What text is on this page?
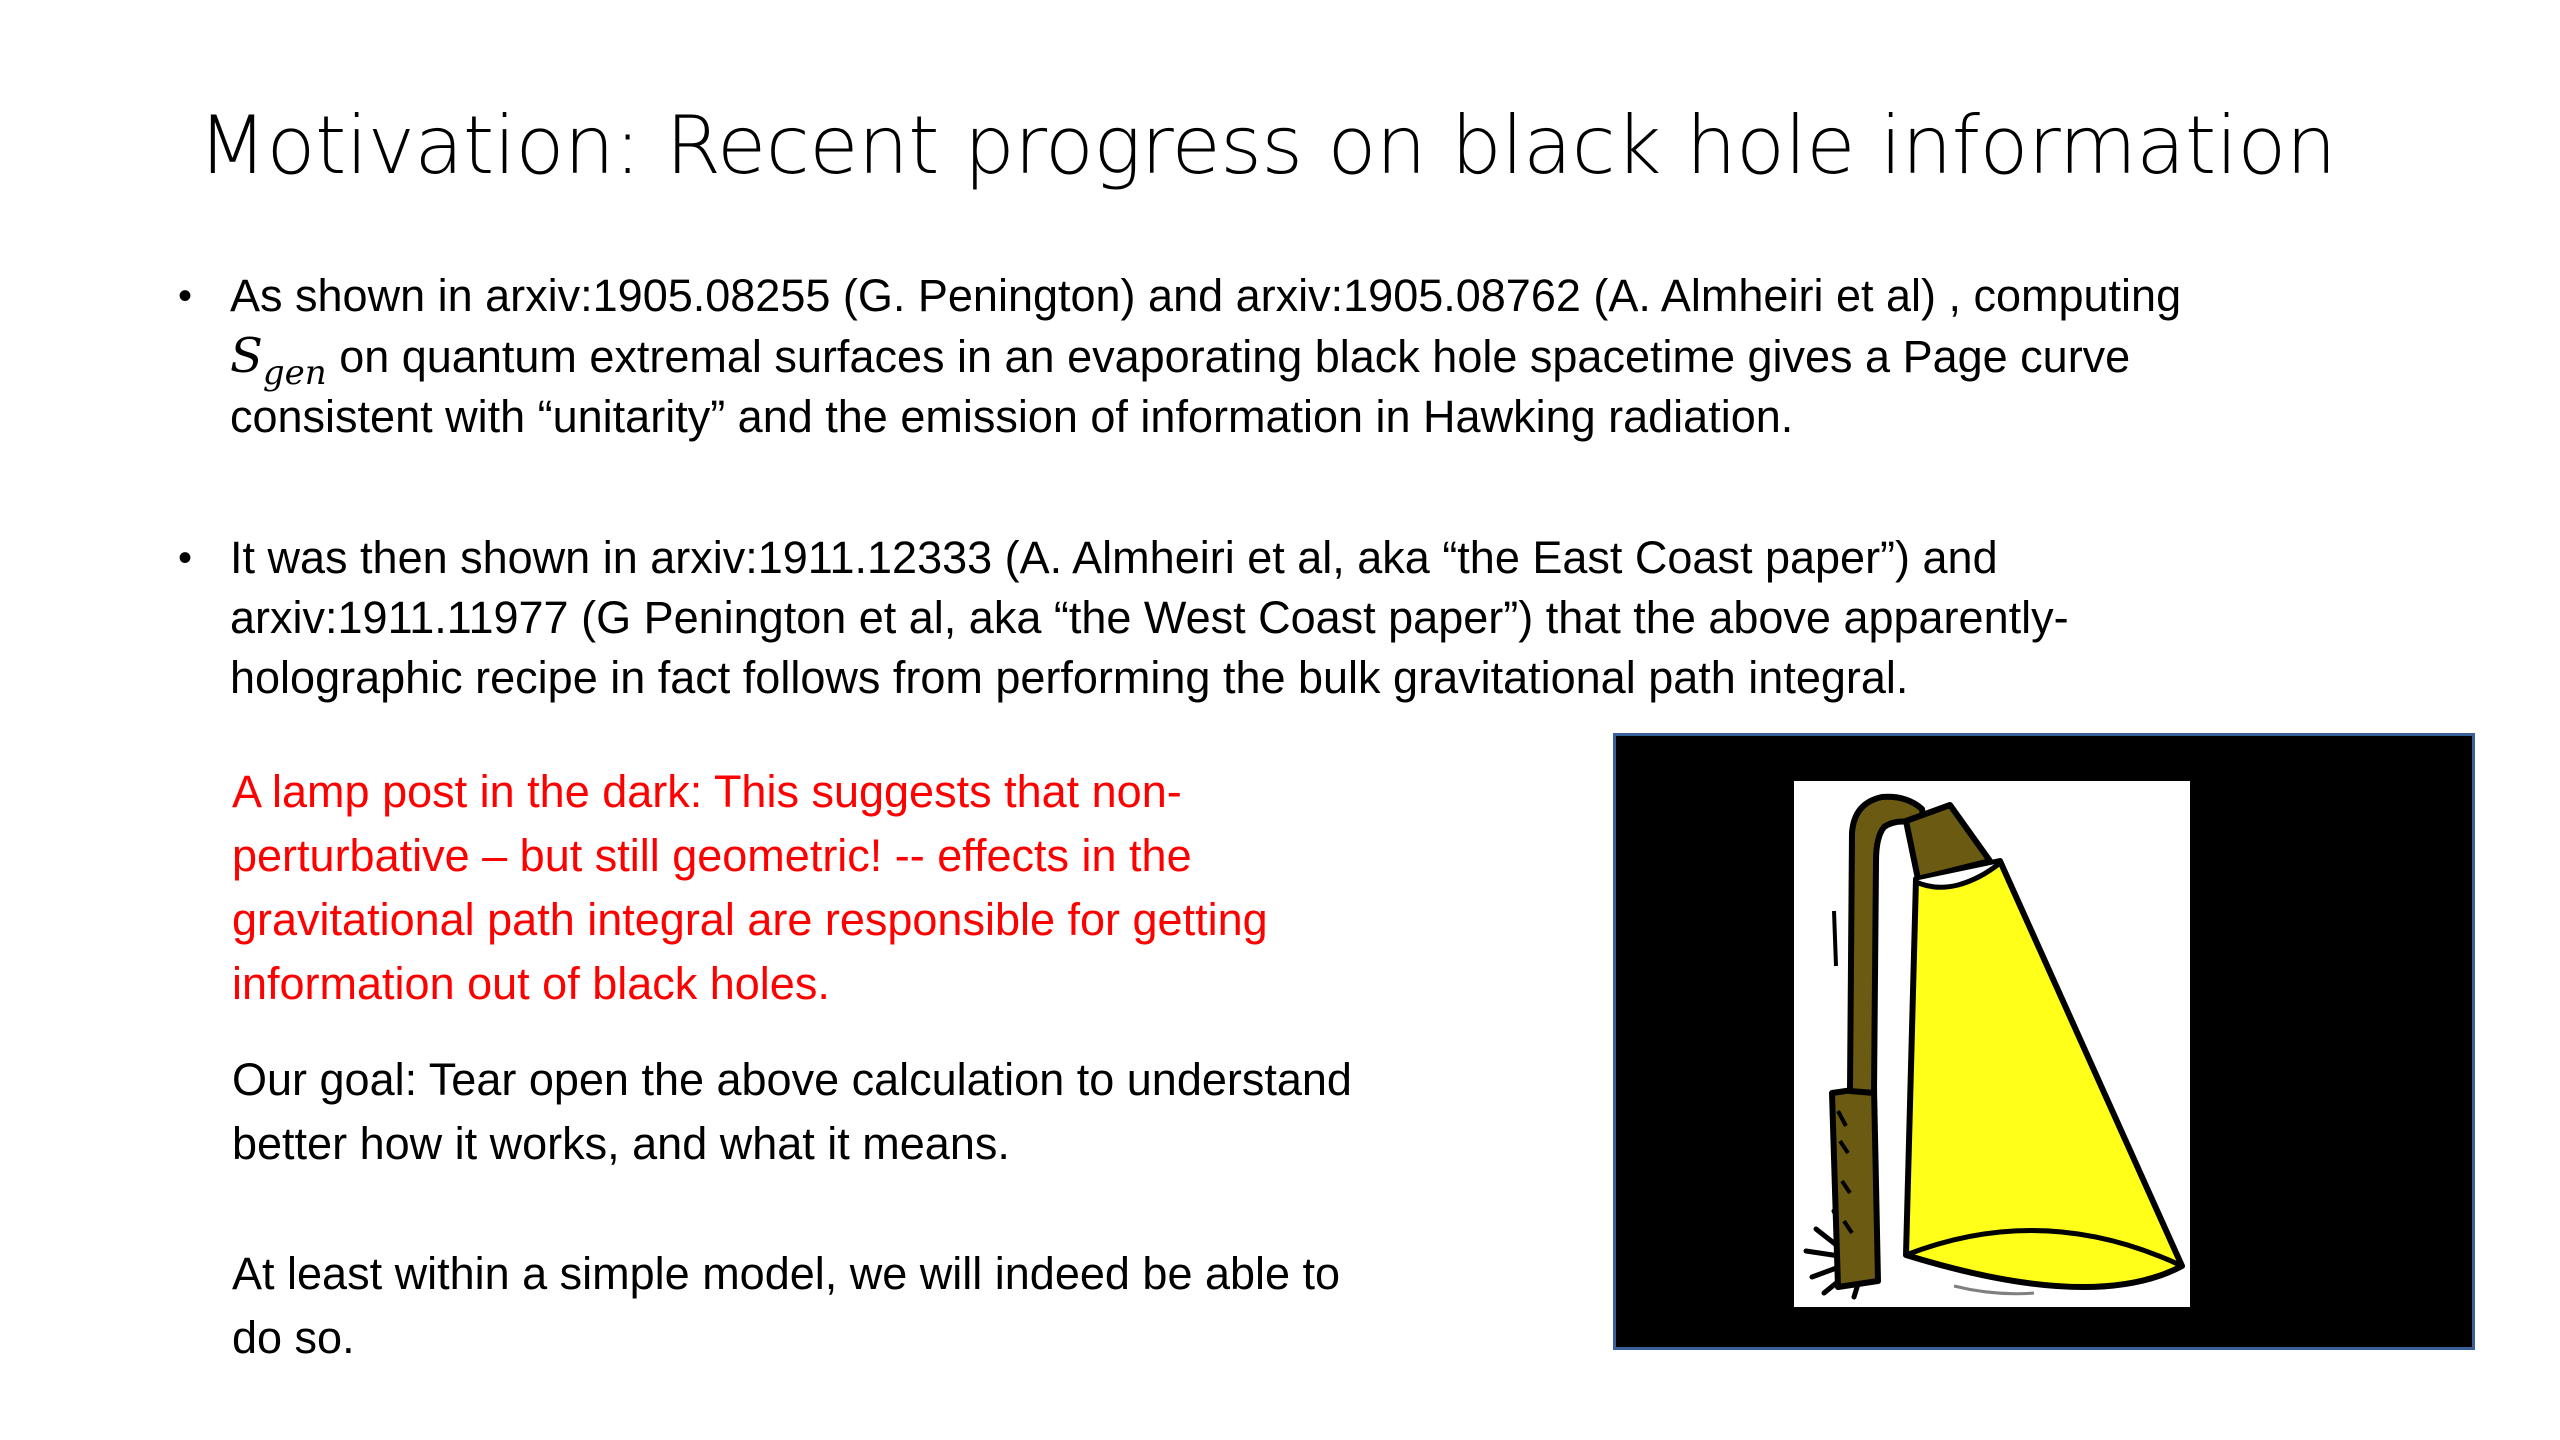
Motivation: Recent progress on black hole information
• As shown in arxiv:1905.08255 (G. Penington) and arxiv:1905.08762 (A. Almheiri et al) , computing
$S_{gen}$ on quantum extremal surfaces in an evaporating black hole spacetime gives a Page curve
consistent with “unitarity” and the emission of information in Hawking radiation.
• It was then shown in arxiv:1911.12333 (A. Almheiri et al, aka “the East Coast paper”) and
arxiv:1911.11977 (G Penington et al, aka “the West Coast paper”) that the above apparently-
holographic recipe in fact follows from performing the bulk gravitational path integral.
A lamp post in the dark: This suggests that non-
perturbative – but still geometric! -- effects in the
gravitational path integral are responsible for getting
information out of black holes.
Our goal: Tear open the above calculation to understand
better how it works, and what it means.
At least within a simple model, we will indeed be able to
do so.
